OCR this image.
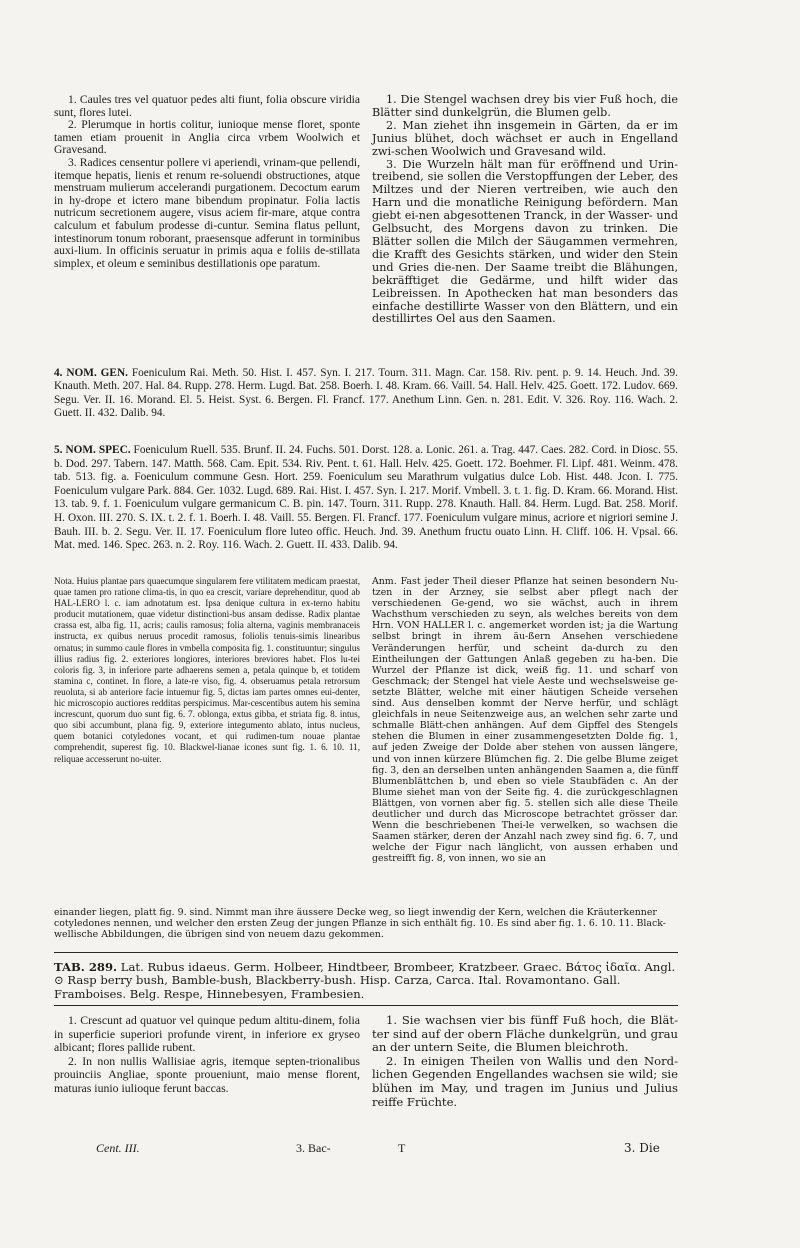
1. Caules tres vel quatuor pedes alti fiunt, folia obscure viridia sunt, flores lutei.

2. Plerumque in hortis colitur, iunioque mense floret, sponte tamen etiam prouenit in Anglia circa vrbem Woolwich et Gravesand.

3. Radices censentur pollere vi aperiendi, vrinam-que pellendi, itemque hepatis, lienis et renum re-soluendi obstructiones, atque menstruam mulierum accelerandi purgationem. Decoctum earum in hy-drope et ictero mane bibendum propinatur. Folia lactis nutricum secretionem augere, visus aciem fir-mare, atque contra calculum et fabulum prodesse di-cuntur. Semina flatus pellunt, intestinorum tonum roborant, praesensque adferunt in torminibus auxi-lium. In officinis seruatur in primis aqua e foliis de-stillata simplex, et oleum e seminibus destillationis ope paratum.

1. Die Stengel wachsen drey bis vier Fuß hoch, die Blätter sind dunkelgrün, die Blumen gelb.

2. Man ziehet ihn insgemein in Gärten, da er im Junius blühet, doch wächset er auch in Engelland zwi-schen Woolwich und Gravesand wild.

3. Die Wurzeln hält man für eröffnend und Urin-treibend, sie sollen die Verstopffungen der Leber, des Miltzes und der Nieren vertreiben, wie auch den Harn und die monatliche Reinigung befördern. Man giebt ei-nen abgesottenen Tranck, in der Wasser- und Gelbsucht, des Morgens davon zu trinken. Die Blätter sollen die Milch der Säugammen vermehren, die Krafft des Gesichts stärken, und wider den Stein und Gries die-nen. Der Saame treibt die Blähungen, bekräfftiget die Gedärme, und hilft wider das Leibreissen. In Apothecken hat man besonders das einfache destillirte Wasser von den Blättern, und ein destillirtes Oel aus den Saamen.

4. NOM. GEN. Foeniculum Rai. Meth. 50. Hist. I. 457. Syn. I. 217. Tourn. 311. Magn. Car. 158. Riv. pent. p. 9. 14. Heuch. Jnd. 39. Knauth. Meth. 207. Hal. 84. Rupp. 278. Herm. Lugd. Bat. 258. Boerh. I. 48. Kram. 66. Vaill. 54. Hall. Helv. 425. Goett. 172. Ludov. 669. Segu. Ver. II. 16. Morand. El. 5. Heist. Syst. 6. Bergen. Fl. Francf. 177. Anethum Linn. Gen. n. 281. Edit. V. 326. Roy. 116. Wach. 2. Guett. II. 432. Dalib. 94.
5. NOM. SPEC. Foeniculum Ruell. 535. Brunf. II. 24. Fuchs. 501. Dorst. 128. a. Lonic. 261. a. Trag. 447. Caes. 282. Cord. in Diosc. 55. b. Dod. 297. Tabern. 147. Matth. 568. Cam. Epit. 534. Riv. Pent. t. 61. Hall. Helv. 425. Goett. 172. Boehmer. Fl. Lipf. 481. Weinm. 478. tab. 513. fig. a. Foeniculum commune Gesn. Hort. 259. Foeniculum seu Marathrum vulgatius dulce Lob. Hist. 448. Jcon. I. 775. Foeniculum vulgare Park. 884. Ger. 1032. Lugd. 689. Rai. Hist. I. 457. Syn. I. 217. Morif. Vmbell. 3. t. 1. fig. D. Kram. 66. Morand. Hist. 13. tab. 9. f. 1. Foeniculum vulgare germanicum C. B. pin. 147. Tourn. 311. Rupp. 278. Knauth. Hall. 84. Herm. Lugd. Bat. 258. Morif. H. Oxon. III. 270. S. IX. t. 2. f. 1. Boerh. I. 48. Vaill. 55. Bergen. Fl. Francf. 177. Foeniculum vulgare minus, acriore et nigriori semine J. Bauh. III. b. 2. Segu. Ver. II. 17. Foeniculum flore luteo offic. Heuch. Jnd. 39. Anethum fructu ouato Linn. H. Cliff. 106. H. Vpsal. 66. Mat. med. 146. Spec. 263. n. 2. Roy. 116. Wach. 2. Guett. II. 433. Dalib. 94.
Nota. Huius plantae pars quaecumque singularem fere vtilitatem medicam praestat, quae tamen pro ratione clima-tis, in quo ea crescit, variare deprehenditur, quod ab HAL-LERO l. c. iam adnotatum est. Ipsa denique cultura in ex-terno habitu producit mutationem, quae videtur distinctioni-bus ansam dedisse. Radix plantae crassa est, alba fig. 11, acris; caulis ramosus; folia alterna, vaginis membranaceis instructa, ex quibus neruus procedit ramosus, foliolis tenuis-simis linearibus ornatus; in summo caule flores in vmbella composita fig. 1. constituuntur; singulus illius radius fig. 2. exteriores longiores, interiores breviores habet. Flos lu-tei coloris fig. 3, in inferiore parte adhaerens semen a, petala quinque b, et totidem stamina c, continet. In flore, a late-re viso, fig. 4. obseruamus petala retrorsum reuoluta, si ab anteriore facie intuemur fig. 5, dictas iam partes omnes eui-denter, hic microscopio auctiores redditas perspicimus. Mar-cescentibus autem his semina increscunt, quorum duo sunt fig. 6. 7. oblonga, extus gibba, et striata fig. 8. intus, quo sibi accumbunt, plana fig. 9, exteriore integumento ablato, intus nucleus, quem botanici cotyledones vocant, et qui rudimen-tum nouae plantae comprehendit, superest fig. 10. Blackwel-lianae icones sunt fig. 1. 6. 10. 11, reliquae accesserunt no-uiter.
Anm. Fast jeder Theil dieser Pflanze hat seinen besondern Nu-tzen in der Arzney, sie selbst aber pflegt nach der verschiedenen Ge-gend, wo sie wächst, auch in ihrem Wachsthum verschieden zu seyn, als welches bereits von dem Hrn. VON HALLER l. c. angemerket worden ist; ja die Wartung selbst bringt in ihrem äu-ßern Ansehen verschiedene Veränderungen herfür, und scheint da-durch zu den Eintheilungen der Gattungen Anlaß gegeben zu ha-ben. Die Wurzel der Pflanze ist dick, weiß fig. 11. und scharf von Geschmack; der Stengel hat viele Aeste und wechselsweise ge-setzte Blätter, welche mit einer häutigen Scheide versehen sind. Aus denselben kommt der Nerve herfür, und schlägt gleichfals in neue Seitenzweige aus, an welchen sehr zarte und schmalle Blätt-chen anhängen. Auf dem Gipffel des Stengels stehen die Blumen in einer zusammengesetzten Dolde fig. 1, auf jeden Zweige der Dolde aber stehen von aussen längere, und von innen kürzere Blümchen fig. 2. Die gelbe Blume zeiget fig. 3, den an derselben unten anhängenden Saamen a, die fünff Blumenblättchen b, und eben so viele Staubfäden c. An der Blume siehet man von der Seite fig. 4. die zurückgeschlagnen Blättgen, von vornen aber fig. 5. stellen sich alle diese Theile deutlicher und durch das Microscope betrachtet grösser dar. Wenn die beschriebenen Thei-le verwelken, so wachsen die Saamen stärker, deren der Anzahl nach zwey sind fig. 6. 7, und welche der Figur nach länglicht, von aussen erhaben und gestreifft fig. 8, von innen, wo sie an
einander liegen, platt fig. 9. sind. Nimmt man ihre äussere Decke weg, so liegt inwendig der Kern, welchen die Kräuterkenner cotyledones nennen, und welcher den ersten Zeug der jungen Pflanze in sich enthält fig. 10. Es sind aber fig. 1. 6. 10. 11. Black-wellische Abbildungen, die übrigen sind von neuem dazu gekommen.
TAB. 289. Lat. Rubus idaeus. Germ. Holbeer, Hindtbeer, Brombeer, Kratzbeer. Graec. Βάτος ἰδαῖα. Angl.
⊙ Rasp berry bush, Bamble-bush, Blackberry-bush. Hisp. Carza, Carca. Ital. Rovamontano. Gall.
Framboises. Belg. Respe, Hinnebesyen, Frambesien.

1. Crescunt ad quatuor vel quinque pedum altitu-dinem, folia in superficie superiori profunde virent, in inferiore ex gryseo albicant; flores pallide rubent.

2. In non nullis Wallisiae agris, itemque septen-trionalibus prouinciis Angliae, sponte proueniunt, maio mense florent, maturas iunio iulioque ferunt baccas.

1. Sie wachsen vier bis fünff Fuß hoch, die Blät-ter sind auf der obern Fläche dunkelgrün, und grau an der untern Seite, die Blumen bleichroth.

2. In einigen Theilen von Wallis und den Nord-lichen Gegenden Engellandes wachsen sie wild; sie blühen im May, und tragen im Junius und Julius reiffe Früchte.

Cent. III.	3. Bac-	T	3. Die
